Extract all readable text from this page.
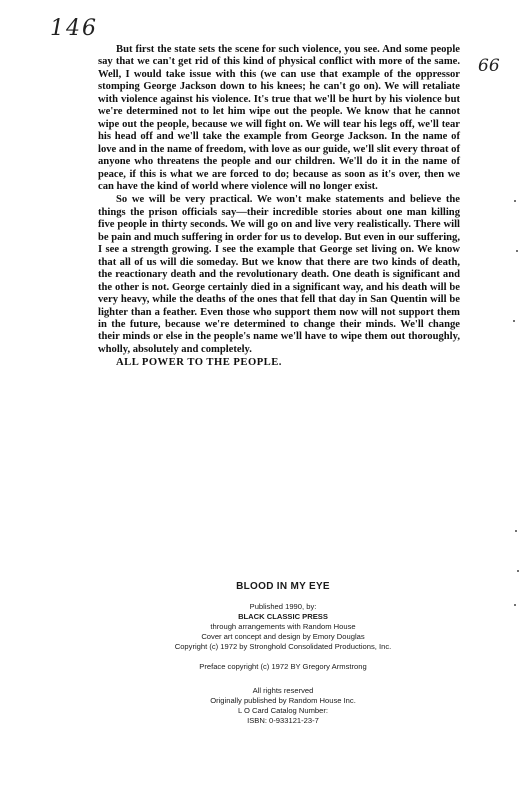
146
66

But first the state sets the scene for such violence, you see. And some people say that we can't get rid of this kind of physical conflict with more of the same. Well, I would take issue with this (we can use that example of the oppressor stomping George Jackson down to his knees; he can't go on). We will retaliate with violence against his violence. It's true that we'll be hurt by his violence but we're determined not to let him wipe out the people. We know that he cannot wipe out the people, because we will fight on. We will tear his legs off, we'll tear his head off and we'll take the example from George Jackson. In the name of love and in the name of freedom, with love as our guide, we'll slit every throat of anyone who threatens the people and our children. We'll do it in the name of peace, if this is what we are forced to do; because as soon as it's over, then we can have the kind of world where violence will no longer exist.

So we will be very practical. We won't make statements and believe the things the prison officials say—their incredible stories about one man killing five people in thirty seconds. We will go on and live very realistically. There will be pain and much suffering in order for us to develop. But even in our suffering, I see a strength growing. I see the example that George set living on. We know that all of us will die someday. But we know that there are two kinds of death, the reactionary death and the revolutionary death. One death is significant and the other is not. George certainly died in a significant way, and his death will be very heavy, while the deaths of the ones that fell that day in San Quentin will be lighter than a feather. Even those who support them now will not support them in the future, because we're determined to change their minds. We'll change their minds or else in the people's name we'll have to wipe them out thoroughly, wholly, absolutely and completely.

ALL POWER TO THE PEOPLE.

BLOOD IN MY EYE
Published 1990, by:
BLACK CLASSIC PRESS
through arrangements with Random House
Cover art concept and design by Emory Douglas
Copyright (c) 1972 by Stronghold Consolidated Productions, Inc.
Preface copyright (c) 1972 BY Gregory Armstrong
All rights reserved
Originally published by Random House Inc.
L O Card Catalog Number:
ISBN: 0-933121-23-7
